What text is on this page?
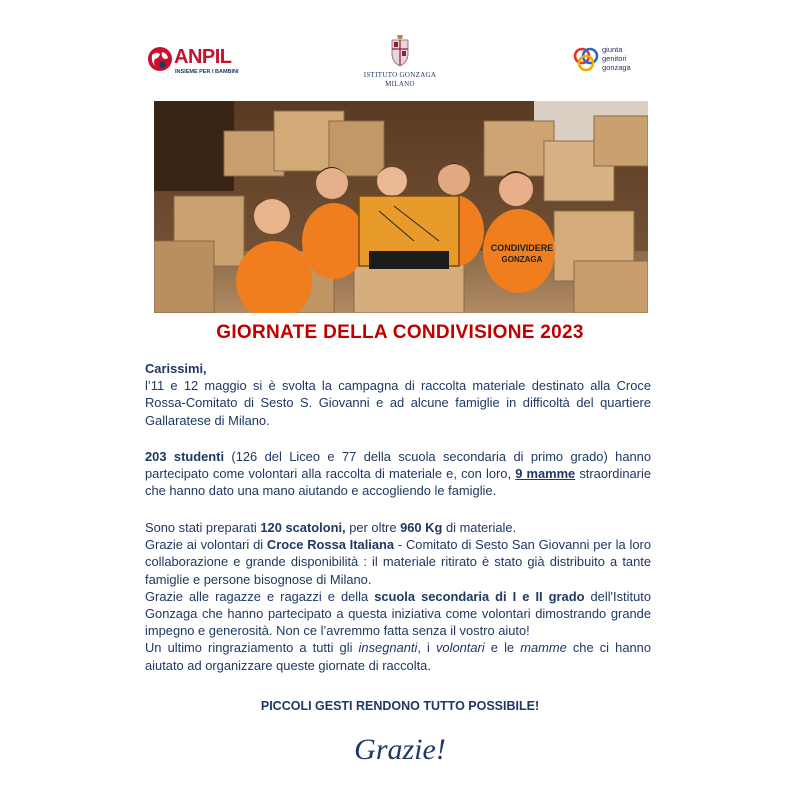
ANPIL
INSIEME PER I BAMBINI	ISTITUTO GONZAGA
MILANO
giunta
genitori
gonzaga
CONDIVIDERE
GONZAGA
GIORNATE DELLA CONDIVISIONE 2023

Carissimi,

l’11 e 12 maggio si è svolta la campagna di raccolta materiale destinato alla Croce Rossa-Comitato di Sesto S. Giovanni e ad alcune famiglie in difficoltà del quartiere Gallaratese di Milano.

203 studenti (126 del Liceo e 77 della scuola secondaria di primo grado) hanno partecipato come volontari alla raccolta di materiale e, con loro, 9 mamme straordinarie che hanno dato una mano aiutando e accogliendo le famiglie.

Sono stati preparati 120 scatoloni, per oltre 960 Kg di materiale.

Grazie ai volontari di Croce Rossa Italiana - Comitato di Sesto San Giovanni per la loro collaborazione e grande disponibilità : il materiale ritirato è stato già distribuito a tante famiglie e persone bisognose di Milano.

Grazie alle ragazze e ragazzi e della scuola secondaria di I e II grado dell'Istituto Gonzaga che hanno partecipato a questa iniziativa come volontari dimostrando grande impegno e generosità. Non ce l’avremmo fatta senza il vostro aiuto!

Un ultimo ringraziamento a tutti gli insegnanti, i volontari e le mamme che ci hanno aiutato ad organizzare queste giornate di raccolta.

PICCOLI GESTI RENDONO TUTTO POSSIBILE!
Grazie!
